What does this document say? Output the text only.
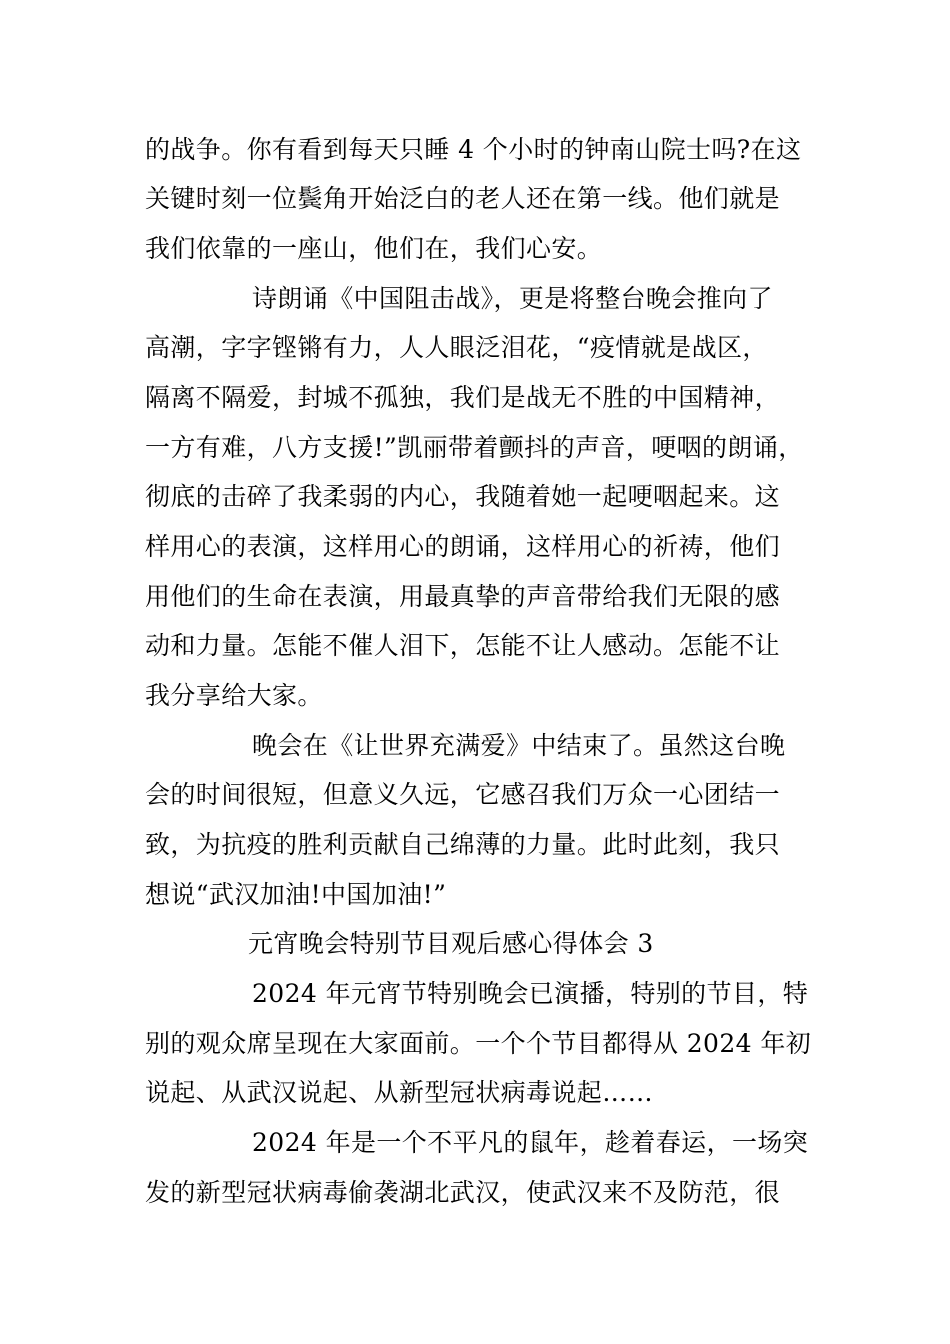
的战争。你有看到每天只睡 4 个小时的钟南山院士吗?在这
关键时刻一位鬓角开始泛白的老人还在第一线。他们就是
我们依靠的一座山，他们在，我们心安。
诗朗诵《中国阻击战》，更是将整台晚会推向了
高潮，字字铿锵有力，人人眼泛泪花，“疫情就是战区，
隔离不隔爱，封城不孤独，我们是战无不胜的中国精神，
一方有难，八方支援!”凯丽带着颤抖的声音，哽咽的朗诵，
彻底的击碎了我柔弱的内心，我随着她一起哽咽起来。这
样用心的表演，这样用心的朗诵，这样用心的祈祷，他们
用他们的生命在表演，用最真挚的声音带给我们无限的感
动和力量。怎能不催人泪下，怎能不让人感动。怎能不让
我分享给大家。
晚会在《让世界充满爱》中结束了。虽然这台晚
会的时间很短，但意义久远，它感召我们万众一心团结一
致，为抗疫的胜利贡献自己绵薄的力量。此时此刻，我只
想说“武汉加油!中国加油!”
元宵晚会特别节目观后感心得体会 3
2024 年元宵节特别晚会已演播，特别的节目，特
别的观众席呈现在大家面前。一个个节目都得从 2024 年初
说起、从武汉说起、从新型冠状病毒说起……
2024 年是一个不平凡的鼠年，趁着春运，一场突
发的新型冠状病毒偷袭湖北武汉，使武汉来不及防范，很
